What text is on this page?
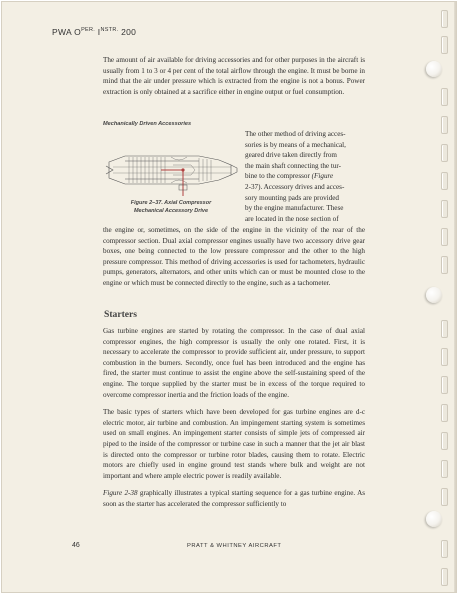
PWA $O^{PER.}$ $I^{NSTR.}$ 200

The amount of air available for driving accessories and for other purposes in the aircraft is usually from 1 to 3 or 4 per cent of the total airflow through the engine. It must be borne in mind that the air under pressure which is extracted from the engine is not a bonus. Power extraction is only obtained at a sacrifice either in engine output or fuel consumption.

Mechanically Driven Accessories
Figure 2–37. Axial Compressor
Mechanical Accessory Drive
The other method of driving acces-
sories is by means of a mechanical,
geared drive taken directly from
the main shaft connecting the tur-
bine to the compressor (Figure
2-37). Accessory drives and acces-
sory mounting pads are provided
by the engine manufacturer. These
are located in the nose section of

the engine or, sometimes, on the side of the engine in the vicinity of the rear of the compressor section. Dual axial compressor engines usually have two accessory drive gear boxes, one being connected to the low pressure compressor and the other to the high pressure compressor. This method of driving accessories is used for tachometers, hydraulic pumps, generators, alternators, and other units which can or must be mounted close to the engine or which must be connected directly to the engine, such as a tachometer.

Starters

Gas turbine engines are started by rotating the compressor. In the case of dual axial compressor engines, the high compressor is usually the only one rotated. First, it is necessary to accelerate the compressor to provide sufficient air, under pressure, to support combustion in the burners. Secondly, once fuel has been introduced and the engine has fired, the starter must continue to assist the engine above the self-sustaining speed of the engine. The torque supplied by the starter must be in excess of the torque required to overcome compressor inertia and the friction loads of the engine.

The basic types of starters which have been developed for gas turbine engines are d-c electric motor, air turbine and combustion. An impingement starting system is sometimes used on small engines. An impingement starter consists of simple jets of compressed air piped to the inside of the compressor or turbine case in such a manner that the jet air blast is directed onto the compressor or turbine rotor blades, causing them to rotate. Electric motors are chiefly used in engine ground test stands where bulk and weight are not important and where ample electric power is readily available.

Figure 2-38 graphically illustrates a typical starting sequence for a gas turbine engine. As soon as the starter has accelerated the compressor sufficiently to

46	PRATT & WHITNEY AIRCRAFT
